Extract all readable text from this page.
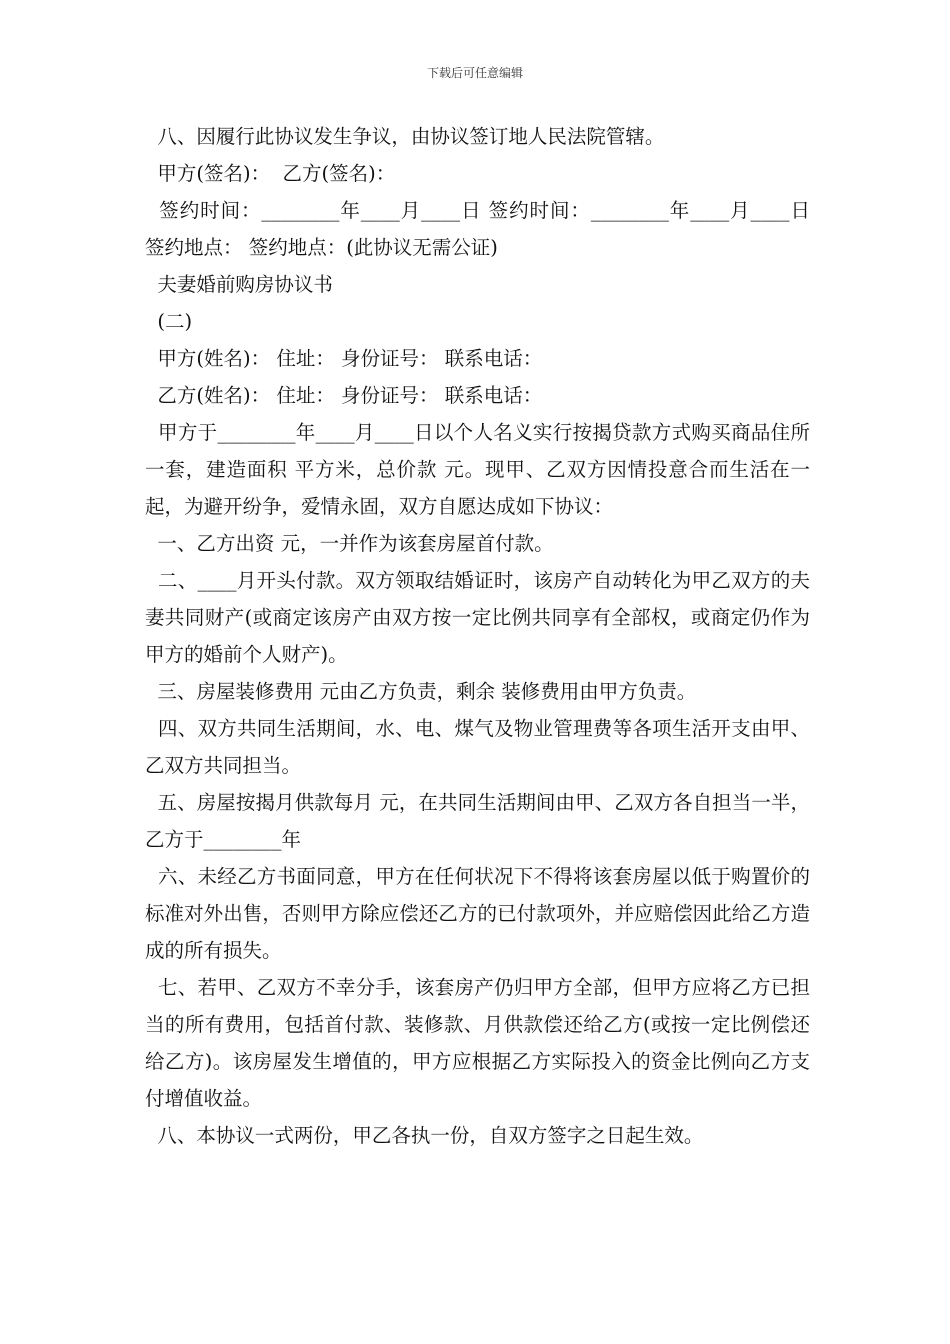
下载后可任意编辑

八、因履行此协议发生争议，由协议签订地人民法院管辖。

甲方(签名)：  乙方(签名)：

签约时间：________年____月____日 签约时间：________年____月____日 签约地点： 签约地点：(此协议无需公证)

夫妻婚前购房协议书

(二)

甲方(姓名)： 住址： 身份证号： 联系电话：

乙方(姓名)： 住址： 身份证号： 联系电话：

甲方于________年____月____日以个人名义实行按揭贷款方式购买商品住所一套，建造面积 平方米，总价款 元。现甲、乙双方因情投意合而生活在一起，为避开纷争，爱情永固，双方自愿达成如下协议：

一、乙方出资 元，一并作为该套房屋首付款。

二、____月开头付款。双方领取结婚证时，该房产自动转化为甲乙双方的夫妻共同财产(或商定该房产由双方按一定比例共同享有全部权，或商定仍作为甲方的婚前个人财产)。

三、房屋装修费用 元由乙方负责，剩余 装修费用由甲方负责。

四、双方共同生活期间，水、电、煤气及物业管理费等各项生活开支由甲、乙双方共同担当。

五、房屋按揭月供款每月 元，在共同生活期间由甲、乙双方各自担当一半，乙方于________年

六、未经乙方书面同意，甲方在任何状况下不得将该套房屋以低于购置价的标准对外出售，否则甲方除应偿还乙方的已付款项外，并应赔偿因此给乙方造成的所有损失。

七、若甲、乙双方不幸分手，该套房产仍归甲方全部，但甲方应将乙方已担当的所有费用，包括首付款、装修款、月供款偿还给乙方(或按一定比例偿还给乙方)。该房屋发生增值的，甲方应根据乙方实际投入的资金比例向乙方支付增值收益。

八、本协议一式两份，甲乙各执一份，自双方签字之日起生效。
